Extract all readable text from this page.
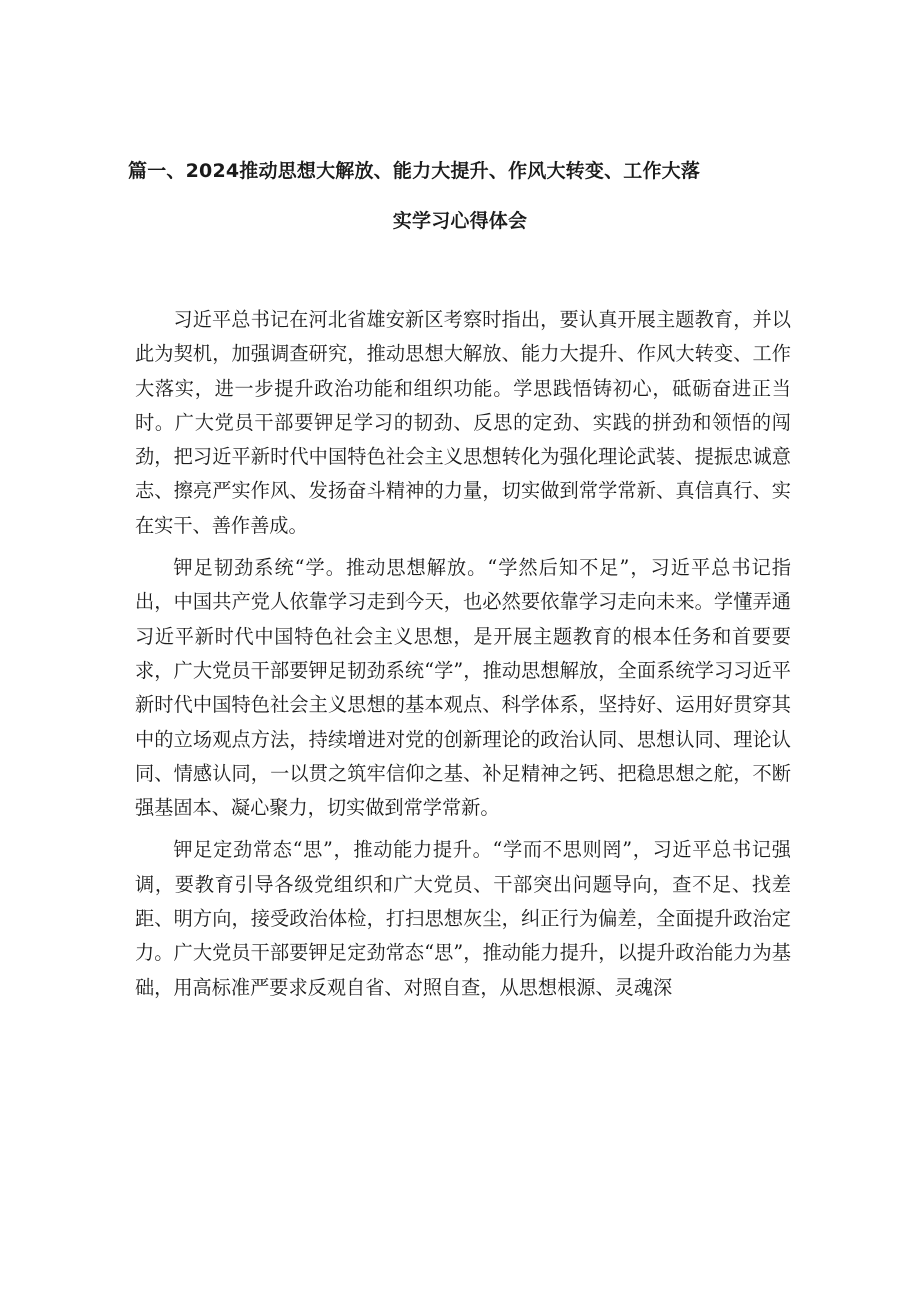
篇一、2024推动思想大解放、能力大提升、作风大转变、工作大落
实学习心得体会

习近平总书记在河北省雄安新区考察时指出，要认真开展主题教育，并以此为契机，加强调查研究，推动思想大解放、能力大提升、作风大转变、工作大落实，进一步提升政治功能和组织功能。学思践悟铸初心，砥砺奋进正当时。广大党员干部要钾足学习的韧劲、反思的定劲、实践的拼劲和领悟的闯劲，把习近平新时代中国特色社会主义思想转化为强化理论武装、提振忠诚意志、擦亮严实作风、发扬奋斗精神的力量，切实做到常学常新、真信真行、实在实干、善作善成。

钾足韧劲系统“学。推动思想解放。“学然后知不足”，习近平总书记指出，中国共产党人依靠学习走到今天，也必然要依靠学习走向未来。学懂弄通习近平新时代中国特色社会主义思想，是开展主题教育的根本任务和首要要求，广大党员干部要钾足韧劲系统“学”，推动思想解放，全面系统学习习近平新时代中国特色社会主义思想的基本观点、科学体系，坚持好、运用好贯穿其中的立场观点方法，持续增进对党的创新理论的政治认同、思想认同、理论认同、情感认同，一以贯之筑牢信仰之基、补足精神之钙、把稳思想之舵，不断强基固本、凝心聚力，切实做到常学常新。

钾足定劲常态“思”，推动能力提升。“学而不思则罔”，习近平总书记强调，要教育引导各级党组织和广大党员、干部突出问题导向，查不足、找差距、明方向，接受政治体检，打扫思想灰尘，纠正行为偏差，全面提升政治定力。广大党员干部要钾足定劲常态“思”，推动能力提升，以提升政治能力为基础，用高标准严要求反观自省、对照自查，从思想根源、灵魂深
